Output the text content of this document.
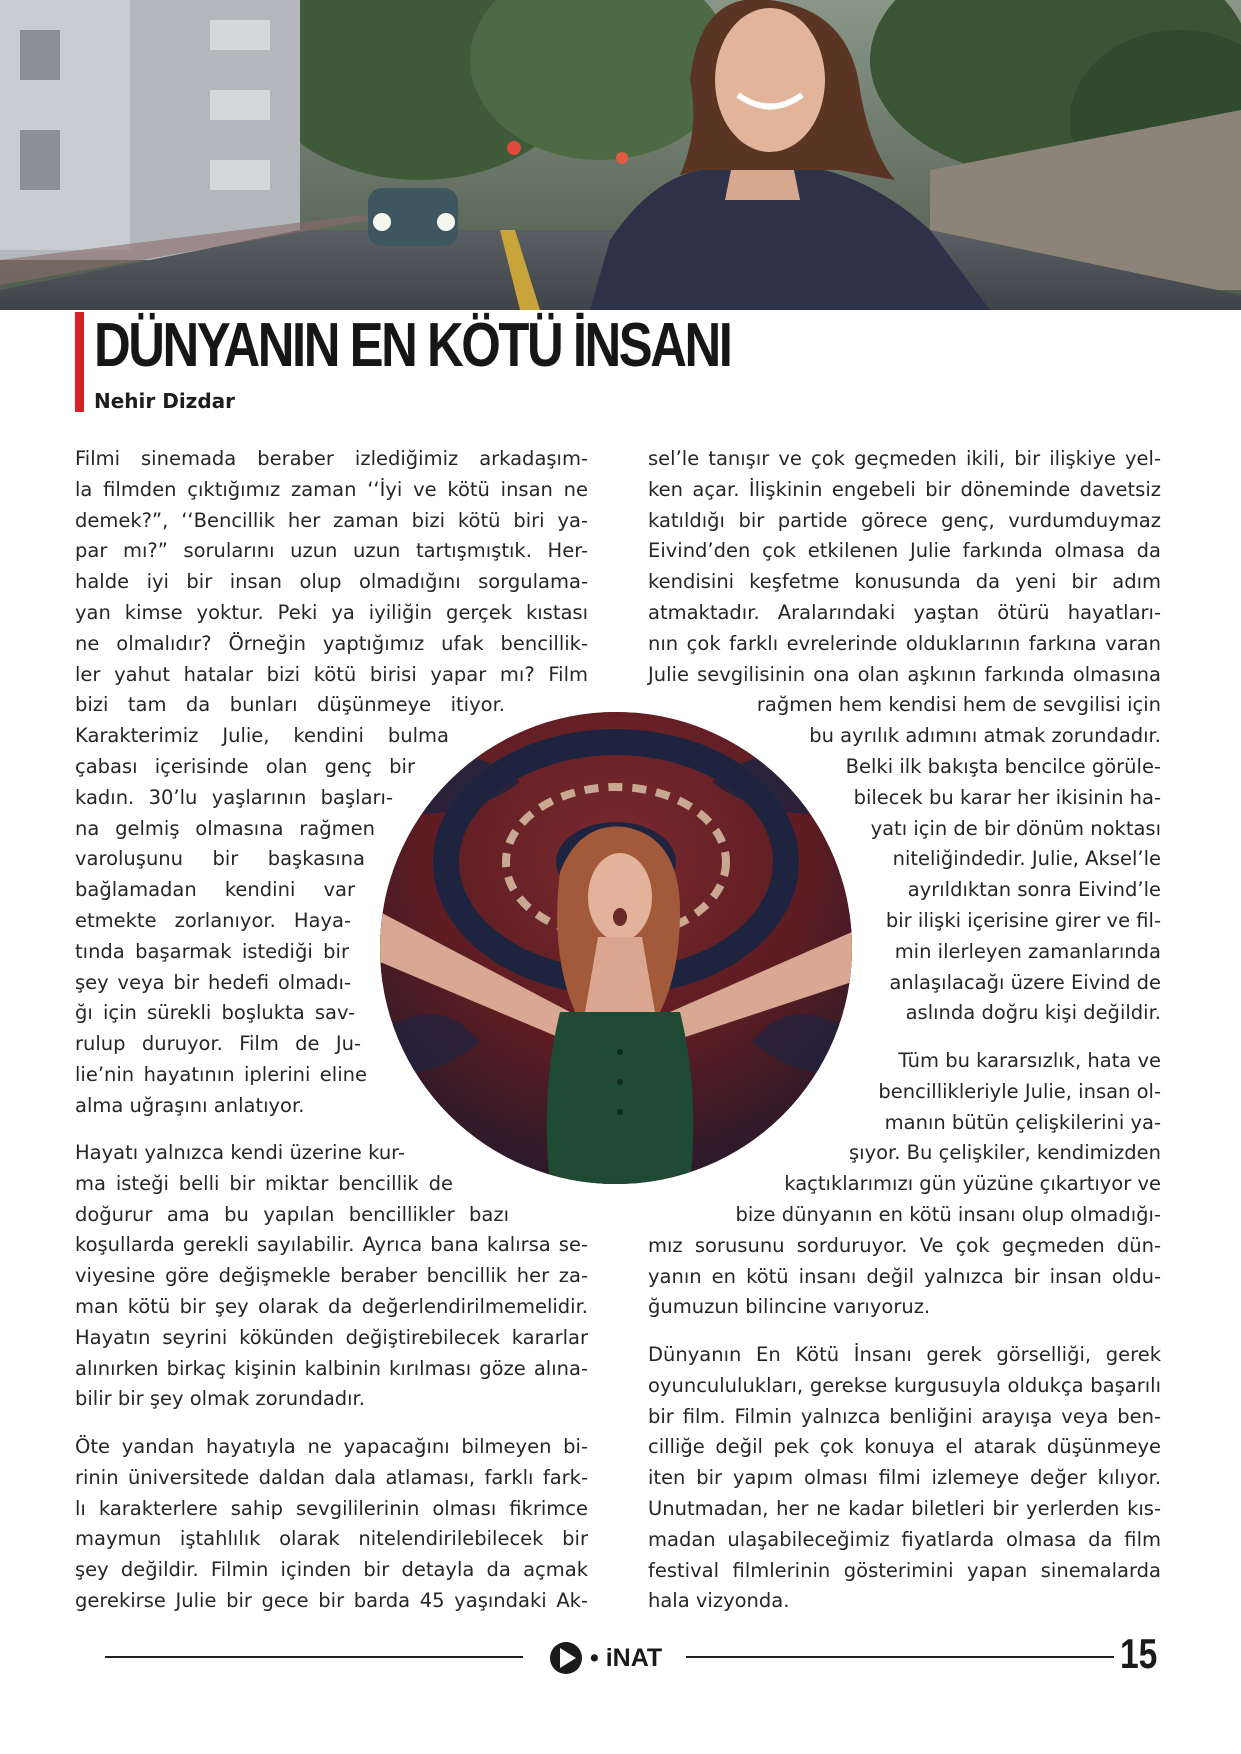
DÜNYANIN EN KÖTÜ İNSANI

Nehir Dizdar

Filmi sinemada beraber izlediğimiz arkadaşım-
la filmden çıktığımız zaman ‘‘İyi ve kötü insan ne
demek?”, ‘‘Bencillik her zaman bizi kötü biri ya-
par mı?” sorularını uzun uzun tartışmıştık. Her-
halde iyi bir insan olup olmadığını sorgulama-
yan kimse yoktur. Peki ya iyiliğin gerçek kıstası
ne olmalıdır? Örneğin yaptığımız ufak bencillik-
ler yahut hatalar bizi kötü birisi yapar mı? Film
bizi tam da bunları düşünmeye itiyor.
Karakterimiz Julie, kendini bulma
çabası içerisinde olan genç bir
kadın. 30’lu yaşlarının başları-
na gelmiş olmasına rağmen
varoluşunu bir başkasına
bağlamadan kendini var
etmekte zorlanıyor. Haya-
tında başarmak istediği bir
şey veya bir hedefi olmadı-
ğı için sürekli boşlukta sav-
rulup duruyor. Film de Ju-
lie’nin hayatının iplerini eline
alma uğraşını anlatıyor.
Hayatı yalnızca kendi üzerine kur-
ma isteği belli bir miktar bencillik de
doğurur ama bu yapılan bencillikler bazı
koşullarda gerekli sayılabilir. Ayrıca bana kalırsa se-
viyesine göre değişmekle beraber bencillik her za-
man kötü bir şey olarak da değerlendirilmemelidir.
Hayatın seyrini kökünden değiştirebilecek kararlar
alınırken birkaç kişinin kalbinin kırılması göze alına-
bilir bir şey olmak zorundadır.
Öte yandan hayatıyla ne yapacağını bilmeyen bi-
rinin üniversitede daldan dala atlaması, farklı fark-
lı karakterlere sahip sevgililerinin olması fikrimce
maymun iştahlılık olarak nitelendirilebilecek bir
şey değildir. Filmin içinden bir detayla da açmak
gerekirse Julie bir gece bir barda 45 yaşındaki Ak-
sel’le tanışır ve çok geçmeden ikili, bir ilişkiye yel-
ken açar. İlişkinin engebeli bir döneminde davetsiz
katıldığı bir partide görece genç, vurdumduymaz
Eivind’den çok etkilenen Julie farkında olmasa da
kendisini keşfetme konusunda da yeni bir adım
atmaktadır. Aralarındaki yaştan ötürü hayatları-
nın çok farklı evrelerinde olduklarının farkına varan
Julie sevgilisinin ona olan aşkının farkında olmasına
rağmen hem kendisi hem de sevgilisi için
bu ayrılık adımını atmak zorundadır.
Belki ilk bakışta bencilce görüle-
bilecek bu karar her ikisinin ha-
yatı için de bir dönüm noktası
niteliğindedir. Julie, Aksel’le
ayrıldıktan sonra Eivind’le
bir ilişki içerisine girer ve fil-
min ilerleyen zamanlarında
anlaşılacağı üzere Eivind de
aslında doğru kişi değildir.
Tüm bu kararsızlık, hata ve
bencillikleriyle Julie, insan ol-
manın bütün çelişkilerini ya-
şıyor. Bu çelişkiler, kendimizden
kaçtıklarımızı gün yüzüne çıkartıyor ve
bize dünyanın en kötü insanı olup olmadığı-
mız sorusunu sorduruyor. Ve çok geçmeden dün-
yanın en kötü insanı değil yalnızca bir insan oldu-
ğumuzun bilincine varıyoruz.
Dünyanın En Kötü İnsanı gerek görselliği, gerek
oyuncululukları, gerekse kurgusuyla oldukça başarılı
bir film. Filmin yalnızca benliğini arayışa veya ben-
cilliğe değil pek çok konuya el atarak düşünmeye
iten bir yapım olması filmi izlemeye değer kılıyor.
Unutmadan, her ne kadar biletleri bir yerlerden kıs-
madan ulaşabileceğimiz fiyatlarda olmasa da film
festival filmlerinin gösterimini yapan sinemalarda
hala vizyonda.
• iNAT	15
